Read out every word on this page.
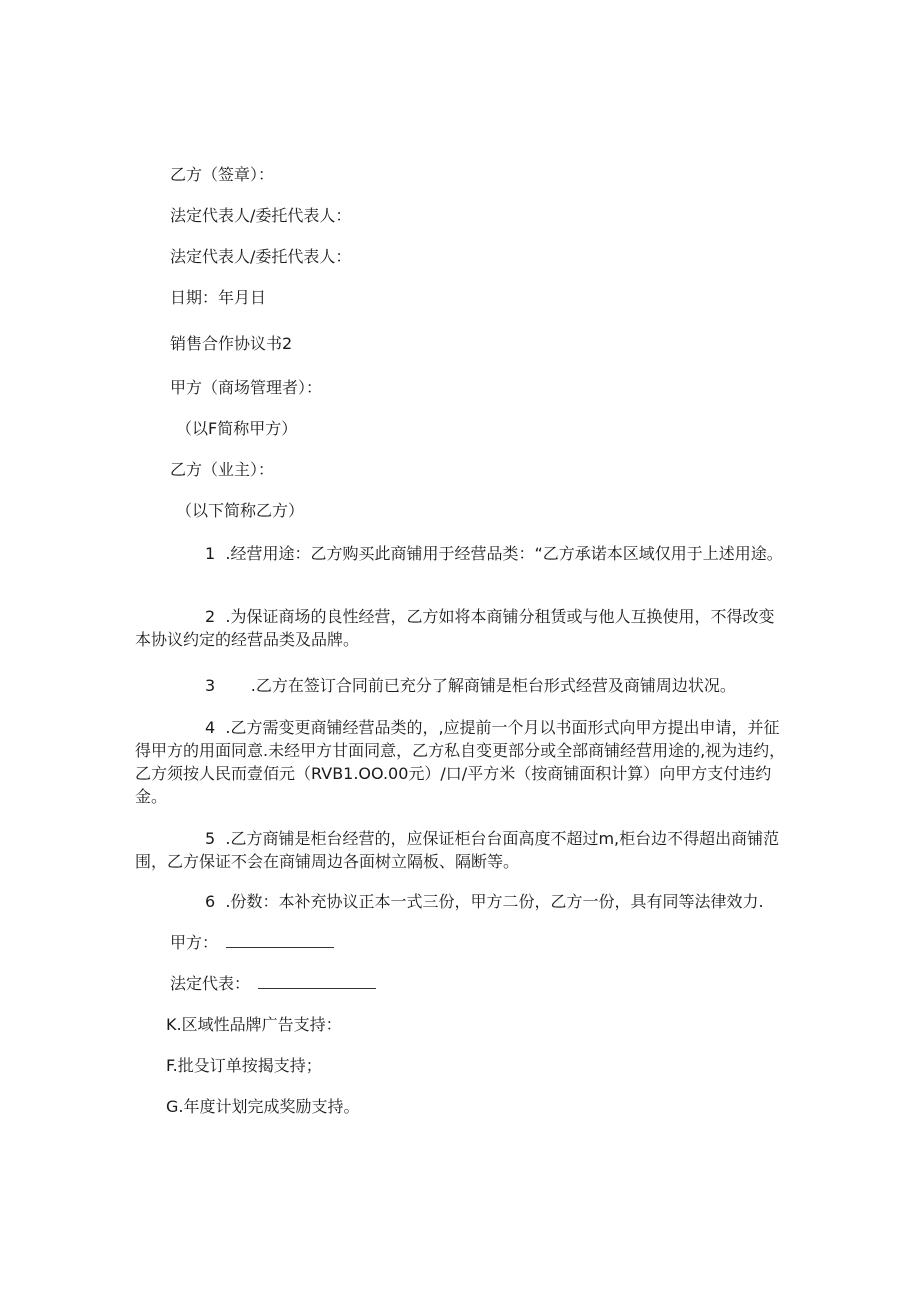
乙方（签章）：
法定代表人/委托代表人：
法定代表人/委托代表人：
日期：年月日
销售合作协议书2
甲方（商场管理者）：
（以F简称甲方）
乙方（业主）：
（以下简称乙方）
1 .经营用途：乙方购买此商铺用于经营品类：“乙方承诺本区域仅用于上述用途。
2 .为保证商场的良性经营，乙方如将本商铺分租赁或与他人互换使用，不得改变本协议约定的经营品类及品牌。
3 .乙方在签订合同前已充分了解商铺是柜台形式经营及商铺周边状况。
4 .乙方需变更商铺经营品类的，,应提前一个月以书面形式向甲方提出申请，并征得甲方的用面同意.未经甲方甘面同意，乙方私自变更部分或全部商铺经营用途的,视为违约，乙方须按人民而壹佰元（RVB1.OO.00元）/口/平方米（按商铺面积计算）向甲方支付违约金。
5 .乙方商铺是柜台经营的，应保证柜台台面高度不超过m,柜台边不得超出商铺范围，乙方保证不会在商铺周边各面树立隔板、隔断等。
6 .份数：本补充协议正本一式三份，甲方二份，乙方一份，具有同等法律效力.
甲方：
法定代表：
K.区域性品牌广告支持：
F.批殳订单按揭支持；
G.年度计划完成奖励支持。
